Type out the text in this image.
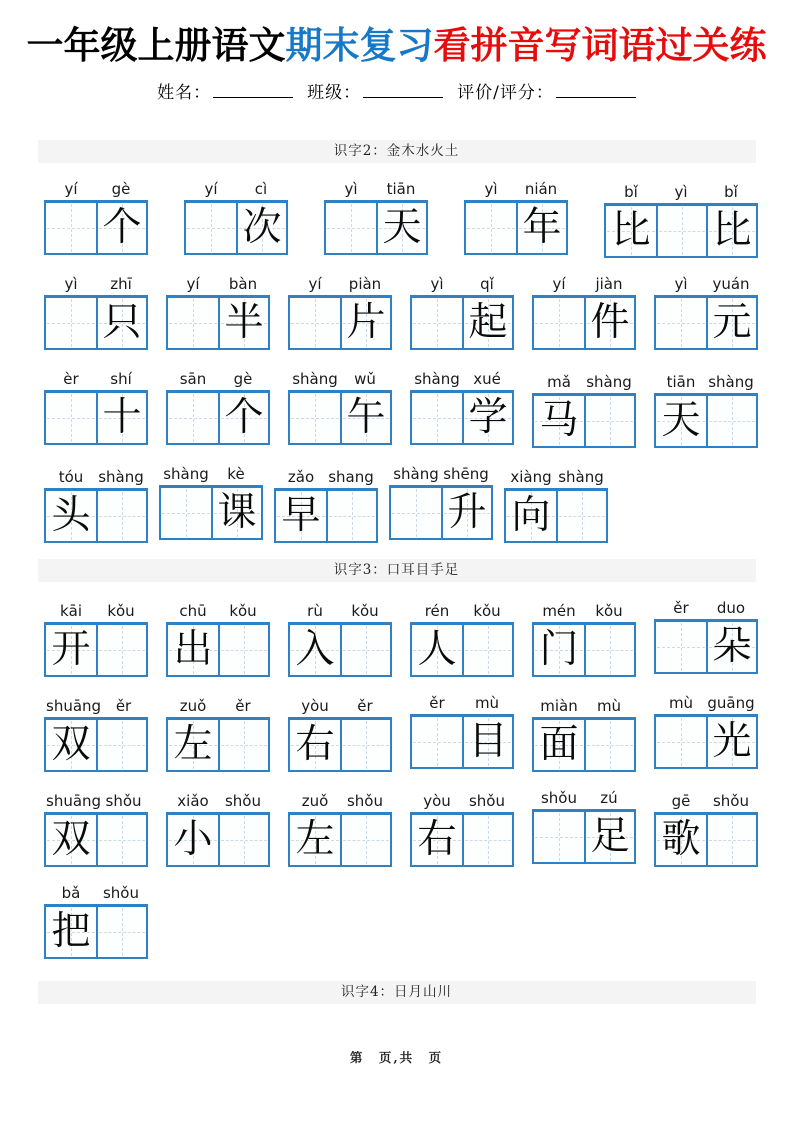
一年级上册语文期末复习看拼音写词语过关练
姓名：	班级：	评价/评分：
识字2：金木水火土
yí	gè
个
yí	cì
次
yì	tiān
天
yì	nián
年
bǐ	yì	bǐ
比 比
yì	zhī
只
yí	bàn
半
yí	piàn
片
yì	qǐ
起
yí	jiàn
件
yì	yuán
元
èr	shí
十
sān	gè
个
shàng	wǔ
午
shàng xué
学
mǎ	shàng
马
tiān shàng
天
tóu shàng
头
shàng	kè
课
zǎo shang
早
shàng shēng
升
xiàng shàng
向
识字3：口耳目手足
kāi	kǒu
开
chū	kǒu
出
rù	kǒu
入
rén	kǒu
人
mén	kǒu
门
ěr	duo
朵
shuāng ěr
双
zuǒ	ěr
左
yòu	ěr
右
ěr	mù
目
miàn	mù
面
mù guāng
光
shuāng shǒu
双
xiǎo	shǒu
小
zuǒ	shǒu
左
yòu	shǒu
右
shǒu	zú
足
gē	shǒu
歌
bǎ	shǒu
把
识字4：日月山川
第　页,共　页
